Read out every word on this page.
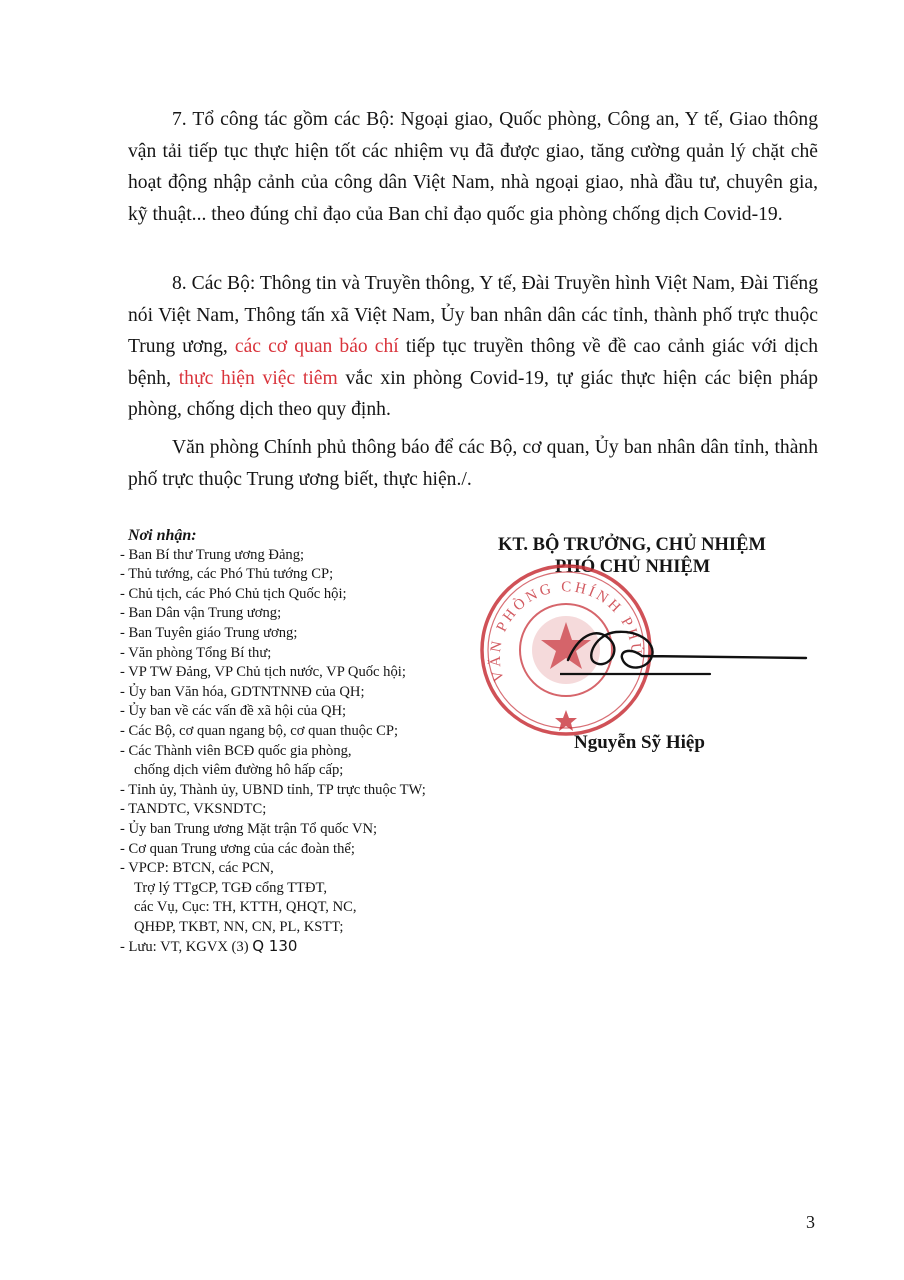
7. Tổ công tác gồm các Bộ: Ngoại giao, Quốc phòng, Công an, Y tế, Giao thông vận tải tiếp tục thực hiện tốt các nhiệm vụ đã được giao, tăng cường quản lý chặt chẽ hoạt động nhập cảnh của công dân Việt Nam, nhà ngoại giao, nhà đầu tư, chuyên gia, kỹ thuật... theo đúng chỉ đạo của Ban chỉ đạo quốc gia phòng chống dịch Covid-19.

8. Các Bộ: Thông tin và Truyền thông, Y tế, Đài Truyền hình Việt Nam, Đài Tiếng nói Việt Nam, Thông tấn xã Việt Nam, Ủy ban nhân dân các tỉnh, thành phố trực thuộc Trung ương, các cơ quan báo chí tiếp tục truyền thông về đề cao cảnh giác với dịch bệnh, thực hiện việc tiêm vắc xin phòng Covid-19, tự giác thực hiện các biện pháp phòng, chống dịch theo quy định.

Văn phòng Chính phủ thông báo để các Bộ, cơ quan, Ủy ban nhân dân tỉnh, thành phố trực thuộc Trung ương biết, thực hiện./.

Nơi nhận:
- Ban Bí thư Trung ương Đảng;
- Thủ tướng, các Phó Thủ tướng CP;
- Chủ tịch, các Phó Chủ tịch Quốc hội;
- Ban Dân vận Trung ương;
- Ban Tuyên giáo Trung ương;
- Văn phòng Tổng Bí thư;
- VP TW Đảng, VP Chủ tịch nước, VP Quốc hội;
- Ủy ban Văn hóa, GDTNTNNĐ của QH;
- Ủy ban về các vấn đề xã hội của QH;
- Các Bộ, cơ quan ngang bộ, cơ quan thuộc CP;
- Các Thành viên BCĐ quốc gia phòng,
chống dịch viêm đường hô hấp cấp;
- Tỉnh ủy, Thành ủy, UBND tỉnh, TP trực thuộc TW;
- TANDTC, VKSNDTC;
- Ủy ban Trung ương Mặt trận Tổ quốc VN;
- Cơ quan Trung ương của các đoàn thể;
- VPCP: BTCN, các PCN,
Trợ lý TTgCP, TGĐ cổng TTĐT,
các Vụ, Cục: TH, KTTH, QHQT, NC,
QHĐP, TKBT, NN, CN, PL, KSTT;
- Lưu: VT, KGVX (3) Q 130
KT. BỘ TRƯỞNG, CHỦ NHIỆM
PHÓ CHỦ NHIỆM
VĂN PHÒNG CHÍNH PHỦ
Nguyễn Sỹ Hiệp
3
